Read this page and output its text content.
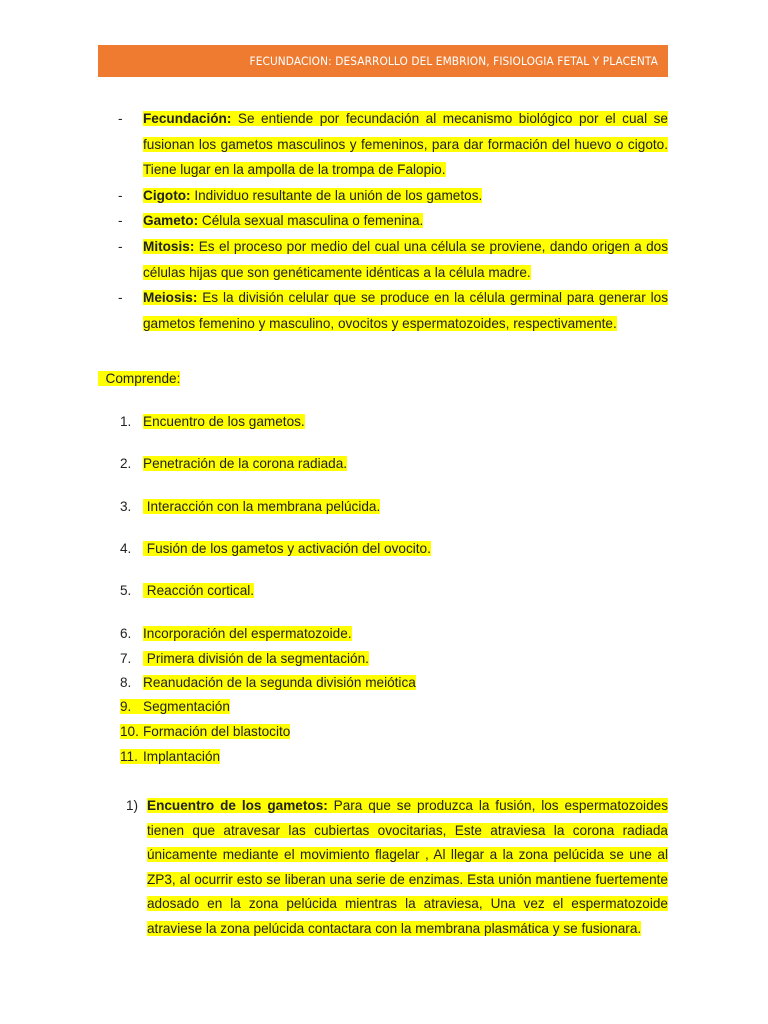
FECUNDACION: DESARROLLO DEL EMBRION, FISIOLOGIA FETAL Y PLACENTA

- Fecundación: Se entiende por fecundación al mecanismo biológico por el cual se fusionan los gametos masculinos y femeninos, para dar formación del huevo o cigoto. Tiene lugar en la ampolla de la trompa de Falopio.

- Cigoto: Individuo resultante de la unión de los gametos.

- Gameto: Célula sexual masculina o femenina.

- Mitosis: Es el proceso por medio del cual una célula se proviene, dando origen a dos células hijas que son genéticamente idénticas a la célula madre.

- Meiosis: Es la división celular que se produce en la célula germinal para generar los gametos femenino y masculino, ovocitos y espermatozoides, respectivamente.

Comprende:
1. Encuentro de los gametos.
2. Penetración de la corona radiada.
3. Interacción con la membrana pelúcida.
4. Fusión de los gametos y activación del ovocito.
5. Reacción cortical.
6. Incorporación del espermatozoide.
7. Primera división de la segmentación.
8. Reanudación de la segunda división meiótica
9. Segmentación
10. Formación del blastocito
11. Implantación

1) Encuentro de los gametos: Para que se produzca la fusión, los espermatozoides tienen que atravesar las cubiertas ovocitarias, Este atraviesa la corona radiada únicamente mediante el movimiento flagelar , Al llegar a la zona pelúcida se une al ZP3, al ocurrir esto se liberan una serie de enzimas. Esta unión mantiene fuertemente adosado en la zona pelúcida mientras la atraviesa, Una vez el espermatozoide atraviese la zona pelúcida contactara con la membrana plasmática y se fusionara.
